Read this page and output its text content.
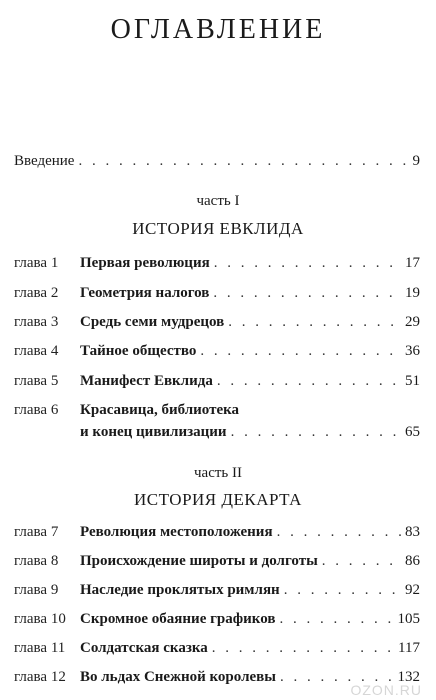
ОГЛАВЛЕНИЕ
Введение . . .	9
часть I
ИСТОРИЯ ЕВКЛИДА
глава 1 Первая революция . . .	17
глава 2 Геометрия налогов . . .	19
глава 3 Средь семи мудрецов . . .	29
глава 4 Тайное общество . . .	36
глава 5 Манифест Евклида . . .	51
глава 6 Красавица, библиотека
и конец цивилизации . . .	65
часть II
ИСТОРИЯ ДЕКАРТА
глава 7 Революция местоположения . . .	83
глава 8 Происхождение широты и долготы . . .	86
глава 9 Наследие проклятых римлян . . .	92
глава 10 Скромное обаяние графиков . . .	105
глава 11 Солдатская сказка . . .	117
глава 12 Во льдах Снежной королевы . . .	132
OZON.RU
